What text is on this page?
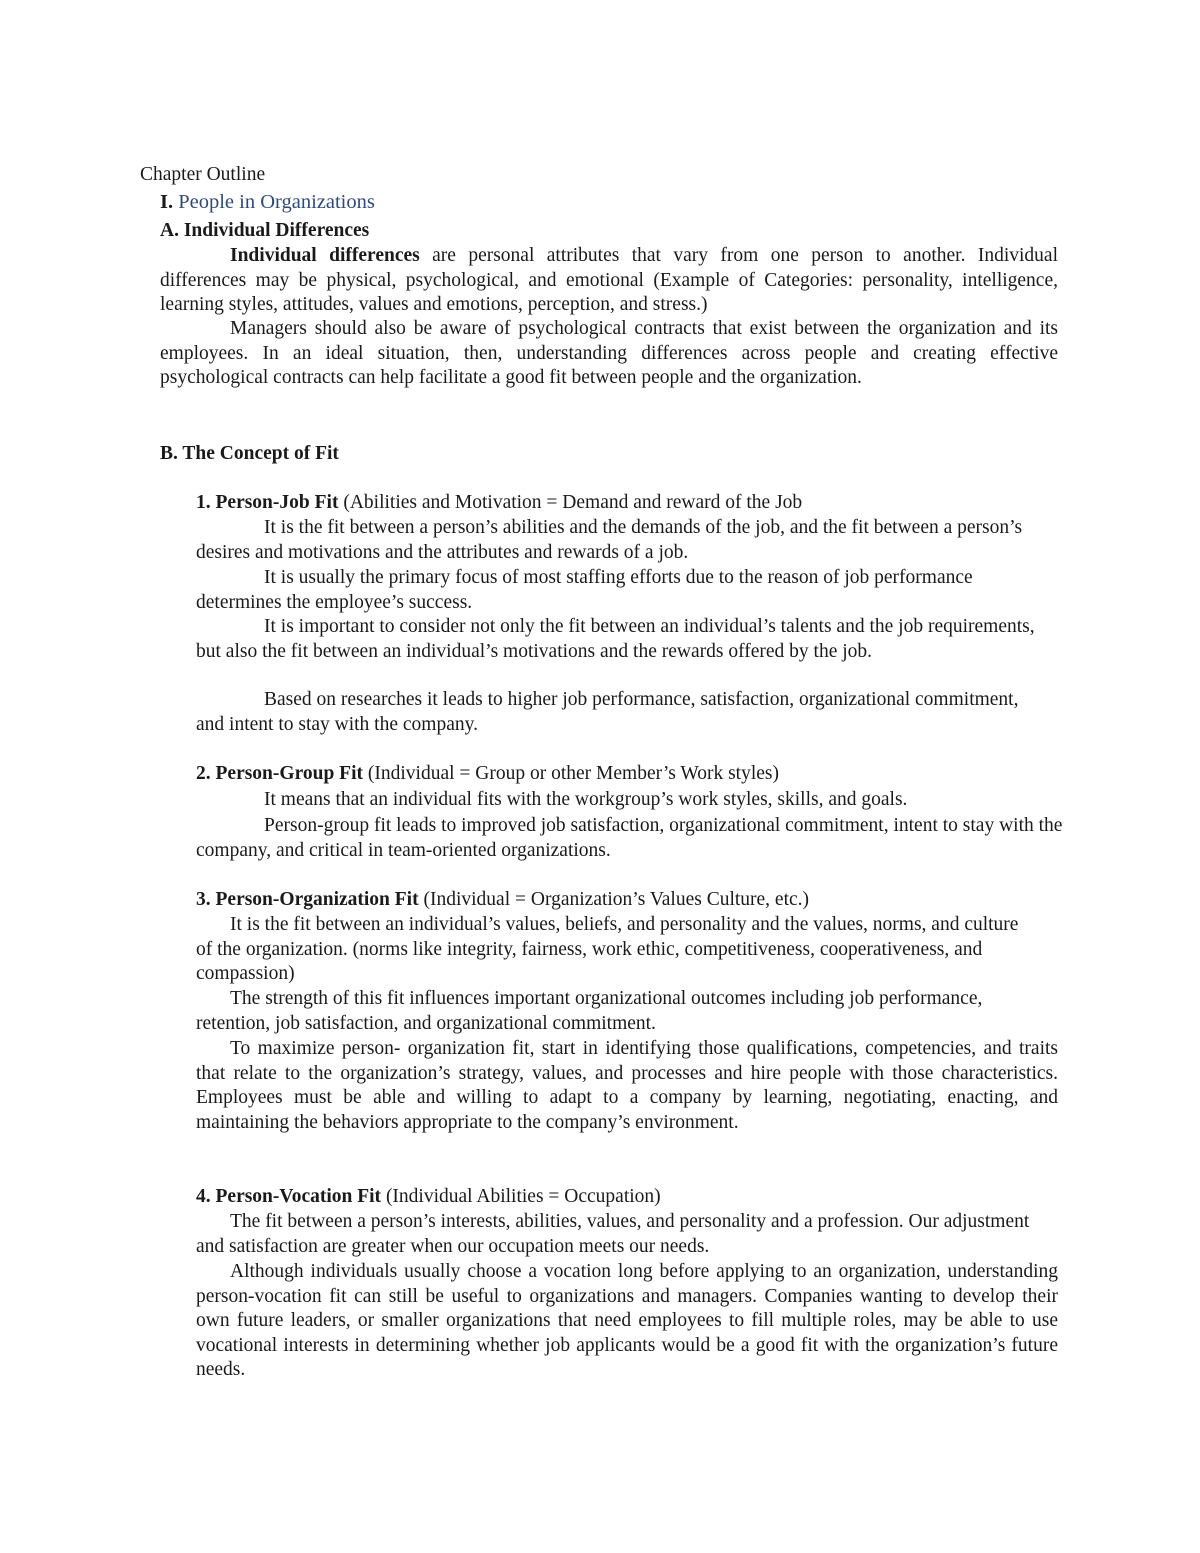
Chapter Outline
I. People in Organizations
A. Individual Differences
Individual differences are personal attributes that vary from one person to another. Individual differences may be physical, psychological, and emotional (Example of Categories: personality, intelligence, learning styles, attitudes, values and emotions, perception, and stress.)
Managers should also be aware of psychological contracts that exist between the organization and its employees. In an ideal situation, then, understanding differences across people and creating effective psychological contracts can help facilitate a good fit between people and the organization.
B. The Concept of Fit
1. Person-Job Fit (Abilities and Motivation = Demand and reward of the Job
It is the fit between a person’s abilities and the demands of the job, and the fit between a person’s desires and motivations and the attributes and rewards of a job.
It is usually the primary focus of most staffing efforts due to the reason of job performance determines the employee’s success.
It is important to consider not only the fit between an individual’s talents and the job requirements, but also the fit between an individual’s motivations and the rewards offered by the job.
Based on researches it leads to higher job performance, satisfaction, organizational commitment, and intent to stay with the company.
2. Person-Group Fit (Individual = Group or other Member’s Work styles)
It means that an individual fits with the workgroup’s work styles, skills, and goals.
Person-group fit leads to improved job satisfaction, organizational commitment, intent to stay with the company, and critical in team-oriented organizations.
3. Person-Organization Fit (Individual = Organization’s Values Culture, etc.)
It is the fit between an individual’s values, beliefs, and personality and the values, norms, and culture of the organization. (norms like integrity, fairness, work ethic, competitiveness, cooperativeness, and compassion)
The strength of this fit influences important organizational outcomes including job performance, retention, job satisfaction, and organizational commitment.
To maximize person- organization fit, start in identifying those qualifications, competencies, and traits that relate to the organization’s strategy, values, and processes and hire people with those characteristics. Employees must be able and willing to adapt to a company by learning, negotiating, enacting, and maintaining the behaviors appropriate to the company’s environment.
4. Person-Vocation Fit (Individual Abilities = Occupation)
The fit between a person’s interests, abilities, values, and personality and a profession. Our adjustment and satisfaction are greater when our occupation meets our needs.
Although individuals usually choose a vocation long before applying to an organization, understanding person-vocation fit can still be useful to organizations and managers. Companies wanting to develop their own future leaders, or smaller organizations that need employees to fill multiple roles, may be able to use vocational interests in determining whether job applicants would be a good fit with the organization’s future needs.
